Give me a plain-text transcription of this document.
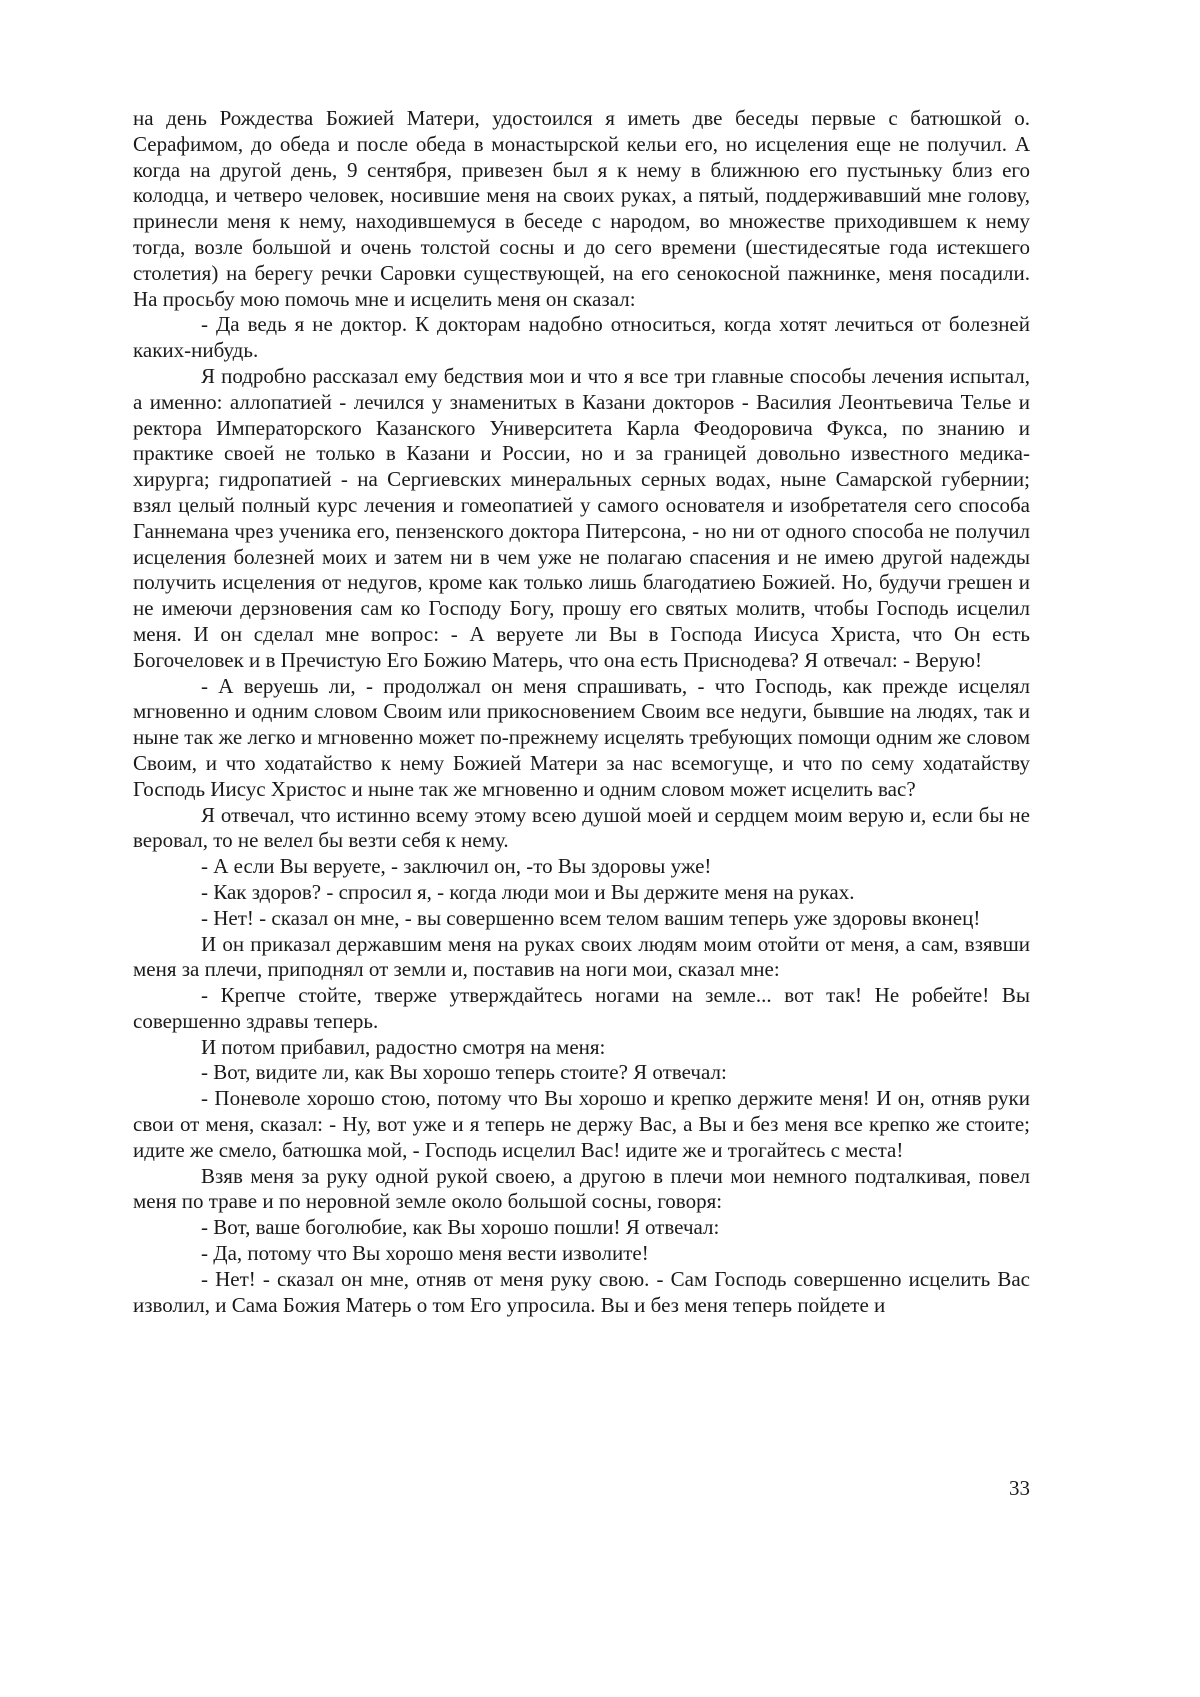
на день Рождества Божией Матери, удостоился я иметь две беседы первые с батюшкой о. Серафимом, до обеда и после обеда в монастырской кельи его, но исцеления еще не получил. А когда на другой день, 9 сентября, привезен был я к нему в ближнюю его пустыньку близ его колодца, и четверо человек, носившие меня на своих руках, а пятый, поддерживавший мне голову, принесли меня к нему, находившемуся в беседе с народом, во множестве приходившем к нему тогда, возле большой и очень толстой сосны и до сего времени (шестидесятые года истекшего столетия) на берегу речки Саровки существующей, на его сенокосной пажнинке, меня посадили. На просьбу мою помочь мне и исцелить меня он сказал:

- Да ведь я не доктор. К докторам надобно относиться, когда хотят лечиться от болезней каких-нибудь.

Я подробно рассказал ему бедствия мои и что я все три главные способы лечения испытал, а именно: аллопатией - лечился у знаменитых в Казани докторов - Василия Леонтьевича Телье и ректора Императорского Казанского Университета Карла Феодоровича Фукса, по знанию и практике своей не только в Казани и России, но и за границей довольно известного медика-хирурга; гидропатией - на Сергиевских минеральных серных водах, ныне Самарской губернии; взял целый полный курс лечения и гомеопатией у самого основателя и изобретателя сего способа Ганнемана чрез ученика его, пензенского доктора Питерсона, - но ни от одного способа не получил исцеления болезней моих и затем ни в чем уже не полагаю спасения и не имею другой надежды получить исцеления от недугов, кроме как только лишь благодатиею Божией. Но, будучи грешен и не имеючи дерзновения сам ко Господу Богу, прошу его святых молитв, чтобы Господь исцелил меня. И он сделал мне вопрос: - А веруете ли Вы в Господа Иисуса Христа, что Он есть Богочеловек и в Пречистую Его Божию Матерь, что она есть Приснодева? Я отвечал: - Верую!

- А веруешь ли, - продолжал он меня спрашивать, - что Господь, как прежде исцелял мгновенно и одним словом Своим или прикосновением Своим все недуги, бывшие на людях, так и ныне так же легко и мгновенно может по-прежнему исцелять требующих помощи одним же словом Своим, и что ходатайство к нему Божией Матери за нас всемогуще, и что по сему ходатайству Господь Иисус Христос и ныне так же мгновенно и одним словом может исцелить вас?

Я отвечал, что истинно всему этому всею душой моей и сердцем моим верую и, если бы не веровал, то не велел бы везти себя к нему.

- А если Вы веруете, - заключил он, -то Вы здоровы уже!

- Как здоров? - спросил я, - когда люди мои и Вы держите меня на руках.

- Нет! - сказал он мне, - вы совершенно всем телом вашим теперь уже здоровы вконец!

И он приказал державшим меня на руках своих людям моим отойти от меня, а сам, взявши меня за плечи, приподнял от земли и, поставив на ноги мои, сказал мне:

- Крепче стойте, тверже утверждайтесь ногами на земле... вот так! Не робейте! Вы совершенно здравы теперь.

И потом прибавил, радостно смотря на меня:

- Вот, видите ли, как Вы хорошо теперь стоите? Я отвечал:

- Поневоле хорошо стою, потому что Вы хорошо и крепко держите меня! И он, отняв руки свои от меня, сказал: - Ну, вот уже и я теперь не держу Вас, а Вы и без меня все крепко же стоите; идите же смело, батюшка мой, - Господь исцелил Вас! идите же и трогайтесь с места!

Взяв меня за руку одной рукой своею, а другою в плечи мои немного подталкивая, повел меня по траве и по неровной земле около большой сосны, говоря:

- Вот, ваше боголюбие, как Вы хорошо пошли! Я отвечал:

- Да, потому что Вы хорошо меня вести изволите!

- Нет! - сказал он мне, отняв от меня руку свою. - Сам Господь совершенно исцелить Вас изволил, и Сама Божия Матерь о том Его упросила. Вы и без меня теперь пойдете и

33
